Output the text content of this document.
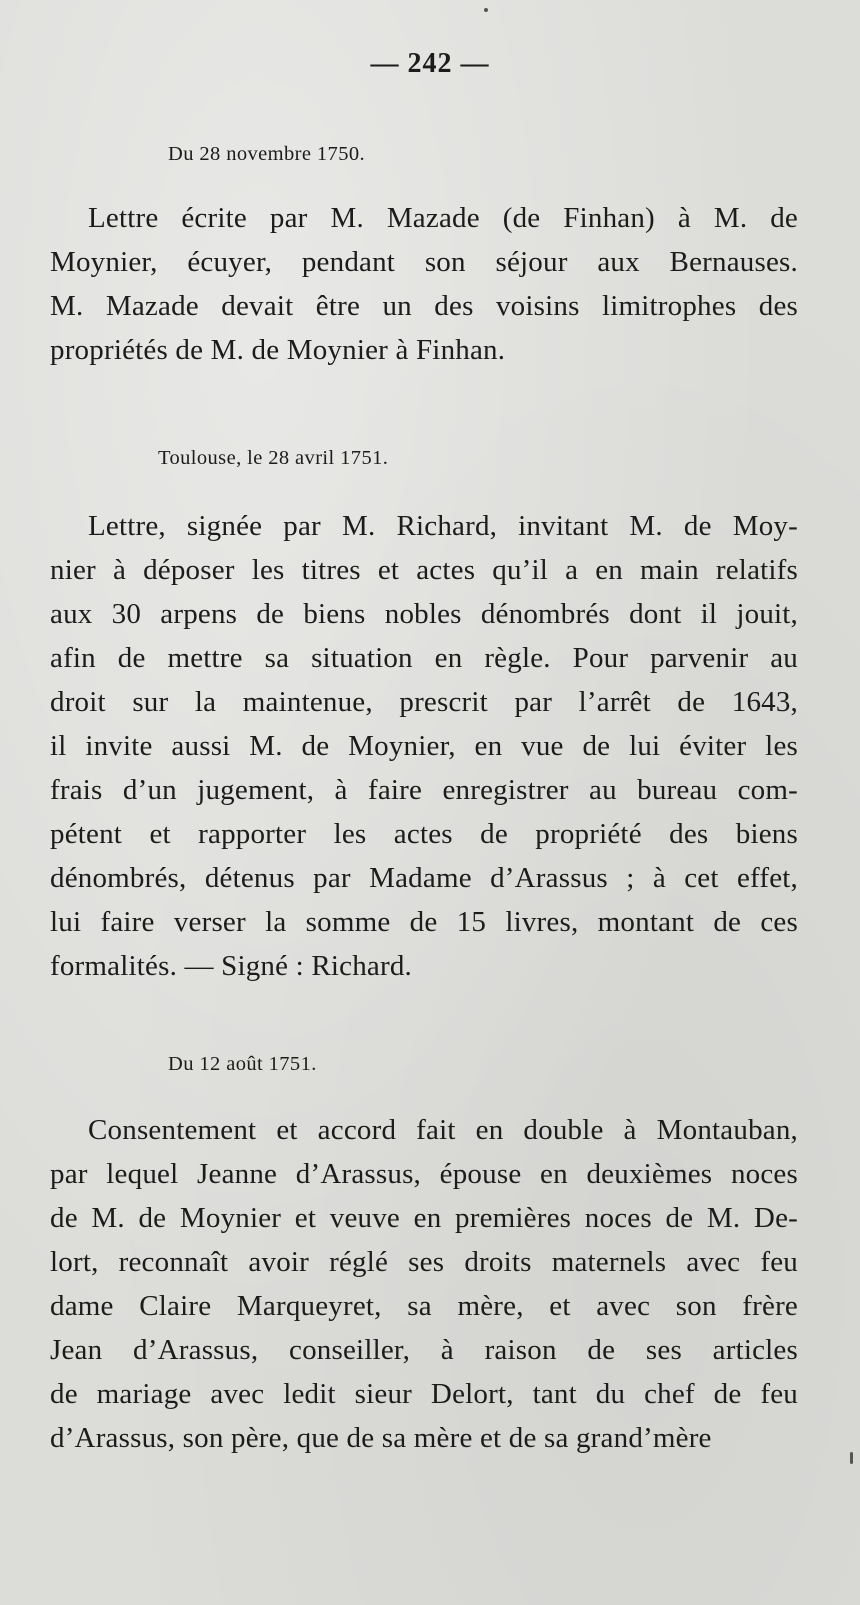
— 242 —
Du 28 novembre 1750.
Lettre écrite par M. Mazade (de Finhan) à M. de
Moynier, écuyer, pendant son séjour aux Bernauses.
M. Mazade devait être un des voisins limitrophes des
propriétés de M. de Moynier à Finhan.
Toulouse, le 28 avril 1751.
Lettre, signée par M. Richard, invitant M. de Moy-
nier à déposer les titres et actes qu’il a en main relatifs
aux 30 arpens de biens nobles dénombrés dont il jouit,
afin de mettre sa situation en règle. Pour parvenir au
droit sur la maintenue, prescrit par l’arrêt de 1643,
il invite aussi M. de Moynier, en vue de lui éviter les
frais d’un jugement, à faire enregistrer au bureau com-
pétent et rapporter les actes de propriété des biens
dénombrés, détenus par Madame d’Arassus ; à cet effet,
lui faire verser la somme de 15 livres, montant de ces
formalités. — Signé : Richard.
Du 12 août 1751.
Consentement et accord fait en double à Montauban,
par lequel Jeanne d’Arassus, épouse en deuxièmes noces
de M. de Moynier et veuve en premières noces de M. De-
lort, reconnaît avoir réglé ses droits maternels avec feu
dame Claire Marqueyret, sa mère, et avec son frère
Jean d’Arassus, conseiller, à raison de ses articles
de mariage avec ledit sieur Delort, tant du chef de feu
d’Arassus, son père, que de sa mère et de sa grand’mère
